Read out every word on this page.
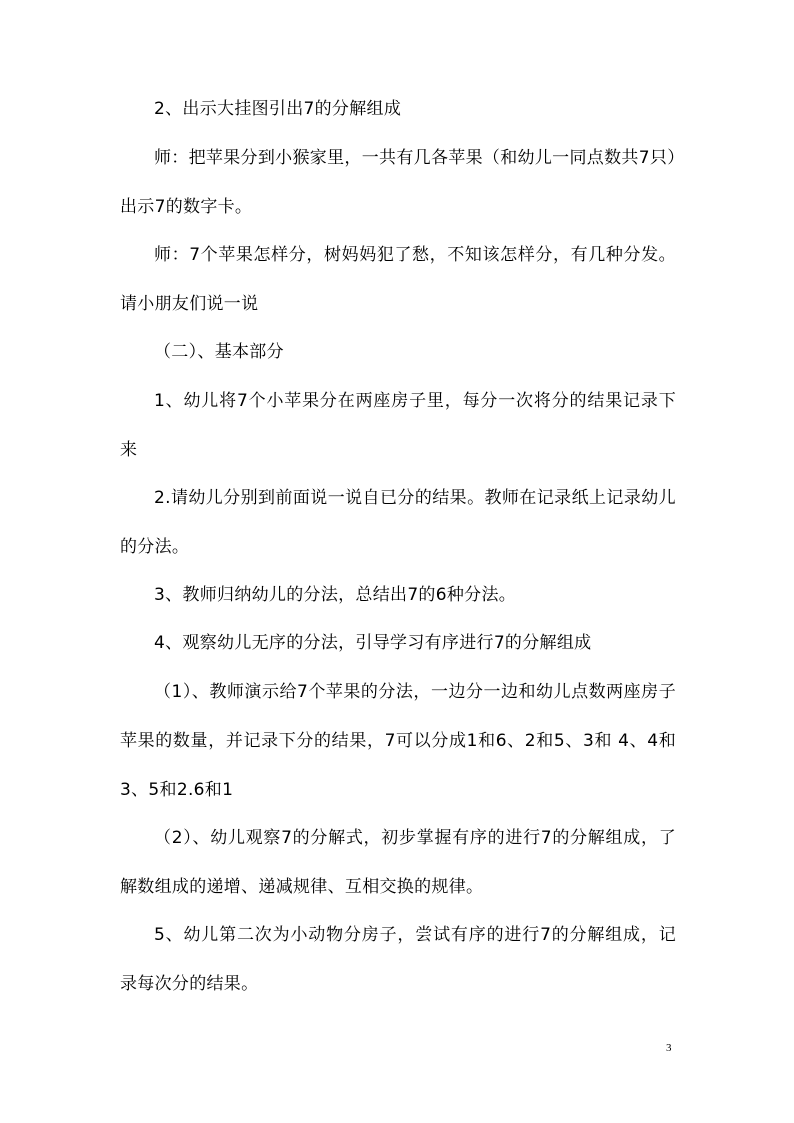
2、出示大挂图引出7的分解组成

师：把苹果分到小猴家里，一共有几各苹果（和幼儿一同点数共7只）出示7的数字卡。

师：7个苹果怎样分，树妈妈犯了愁，不知该怎样分，有几种分发。请小朋友们说一说

（二）、基本部分

1、幼儿将7个小苹果分在两座房子里，每分一次将分的结果记录下来

2.请幼儿分别到前面说一说自已分的结果。教师在记录纸上记录幼儿的分法。

3、教师归纳幼儿的分法，总结出7的6种分法。

4、观察幼儿无序的分法，引导学习有序进行7的分解组成

（1）、教师演示给7个苹果的分法，一边分一边和幼儿点数两座房子苹果的数量，并记录下分的结果，7可以分成1和6、2和5、3和 4、4和3、5和2.6和1

（2）、幼儿观察7的分解式，初步掌握有序的进行7的分解组成，了解数组成的递增、递减规律、互相交换的规律。

5、幼儿第二次为小动物分房子，尝试有序的进行7的分解组成，记录每次分的结果。

3
